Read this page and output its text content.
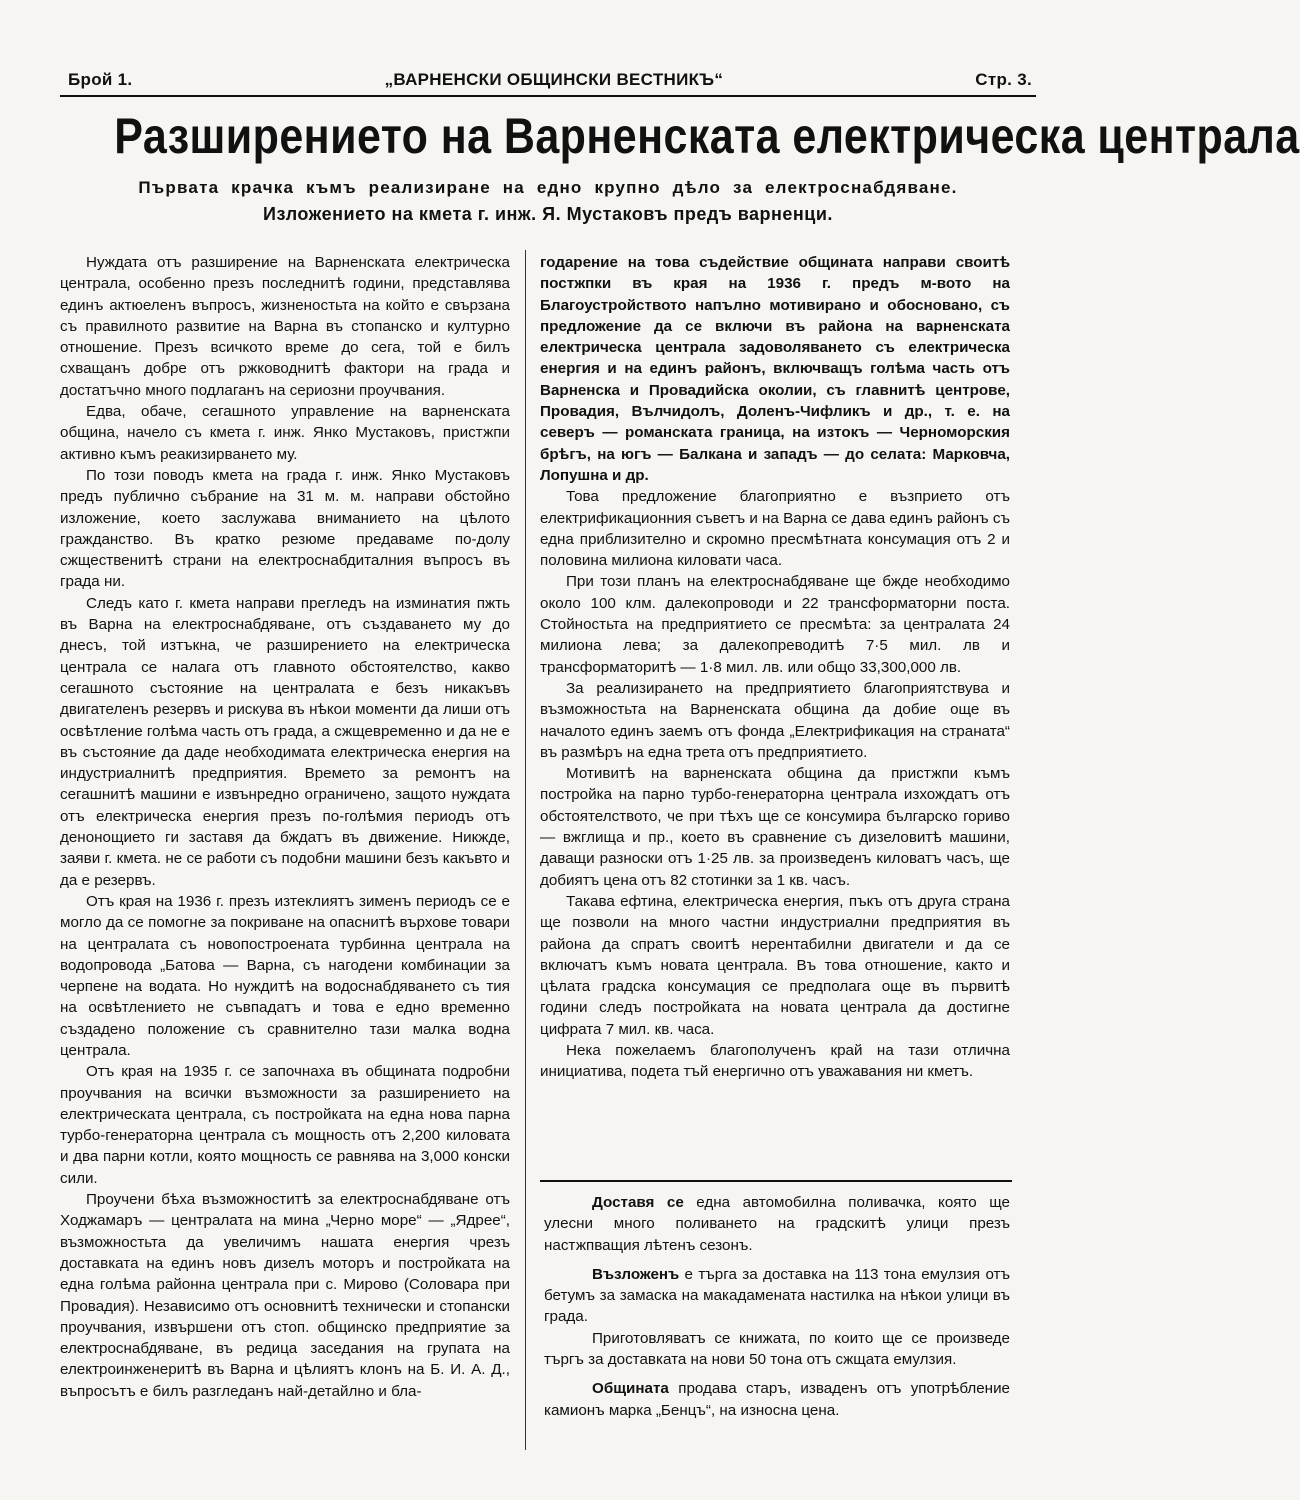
Брой 1.	„ВАРНЕНСКИ ОБЩИНСКИ ВЕСТНИКЪ“	Стр. 3.
Разширението на Варненската електрическа централа
Първата крачка къмъ реализиране на едно крупно дѣло за електроснабдяване.
Изложението на кмета г. инж. Я. Мустаковъ предъ варненци.

Нуждата отъ разширение на Варненската електрическа централа, особенно презъ последнитѣ години, представлява единъ актюеленъ въпросъ, жизненостьта на който е свързана съ правилното развитие на Варна въ стопанско и културно отношение. Презъ всичкото време до сега, той е билъ схващанъ добре отъ ржководнитѣ фактори на града и достатъчно много подлаганъ на сериозни проучвания.

Едва, обаче, сегашното управление на варненската община, начело съ кмета г. инж. Янко Мустаковъ, пристжпи активно къмъ реакизирването му.

По този поводъ кмета на града г. инж. Янко Мустаковъ предъ публично събрание на 31 м. м. направи обстойно изложение, което заслужава вниманието на цѣлото гражданство. Въ кратко резюме предаваме по-долу сжщественитѣ страни на електроснабдиталния въпросъ въ града ни.

Следъ като г. кмета направи прегледъ на изминатия пжть въ Варна на електроснабдяване, отъ създаването му до днесъ, той изтъкна, че разширението на електрическа централа се налага отъ главното обстоятелство, какво сегашното състояние на централата е безъ никакъвъ двигателенъ резервъ и рискува въ нѣкои моменти да лиши отъ освѣтление голѣма часть отъ града, а сжщевременно и да не е въ състояние да даде необходимата електрическа енергия на индустриалнитѣ предприятия. Времето за ремонтъ на сегашнитѣ машини е извънредно ограничено, защото нуждата отъ електрическа енергия презъ по-голѣмия периодъ отъ денонощието ги заставя да бждатъ въ движение. Никжде, заяви г. кмета. не се работи съ подобни машини безъ какъвто и да е резервъ.

Отъ края на 1936 г. презъ изтеклиятъ зименъ периодъ се е могло да се помогне за покриване на опаснитѣ върхове товари на централата съ новопостроената турбинна централа на водопровода „Батова — Варна, съ нагодени комбинации за черпене на водата. Но нуждитѣ на водоснабдяването съ тия на освѣтлението не съвпадатъ и това е едно временно създадено положение съ сравнително тази малка водна централа.

Отъ края на 1935 г. се започнаха въ общината подробни проучвания на всички възможности за разширението на електрическата централа, съ постройката на една нова парна турбо-генераторна централа съ мощность отъ 2,200 киловата и два парни котли, която мощность се равнява на 3,000 конски сили.

Проучени бѣха възможноститѣ за електроснабдяване отъ Ходжамаръ — централата на мина „Черно море“ — „Ядрее“, възможностьта да увеличимъ нашата енергия чрезъ доставката на единъ новъ дизелъ моторъ и постройката на една голѣма районна централа при с. Мирово (Соловара при Провадия). Независимо отъ основнитѣ технически и стопански проучвания, извършени отъ стоп. общинско предприятие за електроснабдяване, въ редица заседания на групата на електроинженеритѣ въ Варна и цѣлиятъ клонъ на Б. И. А. Д., въпросътъ е билъ разгледанъ най-детайлно и бла-

годарение на това съдействие общината направи своитѣ постжпки въ края на 1936 г. предъ м-вото на Благоустройството напълно мотивирано и обосновано, съ предложение да се включи въ района на варненската електрическа централа задоволяването съ електрическа енергия и на единъ районъ, включващъ голѣма часть отъ Варненска и Провадийска околии, съ главнитѣ центрове, Провадия, Вълчидолъ, Доленъ-Чифликъ и др., т. е. на северъ — романската граница, на изтокъ — Черноморския брѣгъ, на югъ — Балкана и западъ — до селата: Марковча, Лопушна и др.

Това предложение благоприятно е възприето отъ електрификационния съветъ и на Варна се дава единъ районъ съ една приблизително и скромно пресмѣтната консумация отъ 2 и половина милиона киловати часа.

При този планъ на електроснабдяване ще бжде необходимо около 100 клм. далекопроводи и 22 трансформаторни поста. Стойностьта на предприятието се пресмѣта: за централата 24 милиона лева; за далекопреводитѣ 7·5 мил. лв и трансформаторитѣ — 1·8 мил. лв. или общо 33,300,000 лв.

За реализирането на предприятието благоприятствува и възможностьта на Варненската община да добие още въ началото единъ заемъ отъ фонда „Електрификация на страната“ въ размѣръ на една трета отъ предприятието.

Мотивитѣ на варненската община да пристжпи къмъ постройка на парно турбо-генераторна централа изхождатъ отъ обстоятелството, че при тѣхъ ще се консумира българско гориво — вжглища и пр., което въ сравнение съ дизеловитѣ машини, даващи разноски отъ 1·25 лв. за произведенъ киловатъ часъ, ще добиятъ цена отъ 82 стотинки за 1 кв. часъ.

Такава ефтина, електрическа енергия, пъкъ отъ друга страна ще позволи на много частни индустриални предприятия въ района да спратъ своитѣ нерентабилни двигатели и да се включатъ къмъ новата централа. Въ това отношение, както и цѣлата градска консумация се предполага още въ първитѣ години следъ постройката на новата централа да достигне цифрата 7 мил. кв. часа.

Нека пожелаемъ благополученъ край на тази отлична инициатива, подета тъй енергично отъ уважавания ни кметъ.

Доставя се една автомобилна поливачка, която ще улесни много поливането на градскитѣ улици презъ настжпващия лѣтенъ сезонъ.

Възложенъ е търга за доставка на 113 тона емулзия отъ бетумъ за замаска на макадамената настилка на нѣкои улици въ града.

Приготовляватъ се книжата, по които ще се произведе търгъ за доставката на нови 50 тона отъ сжщата емулзия.

Общината продава старъ, изваденъ отъ употрѣбление камионъ марка „Бенцъ“, на износна цена.
